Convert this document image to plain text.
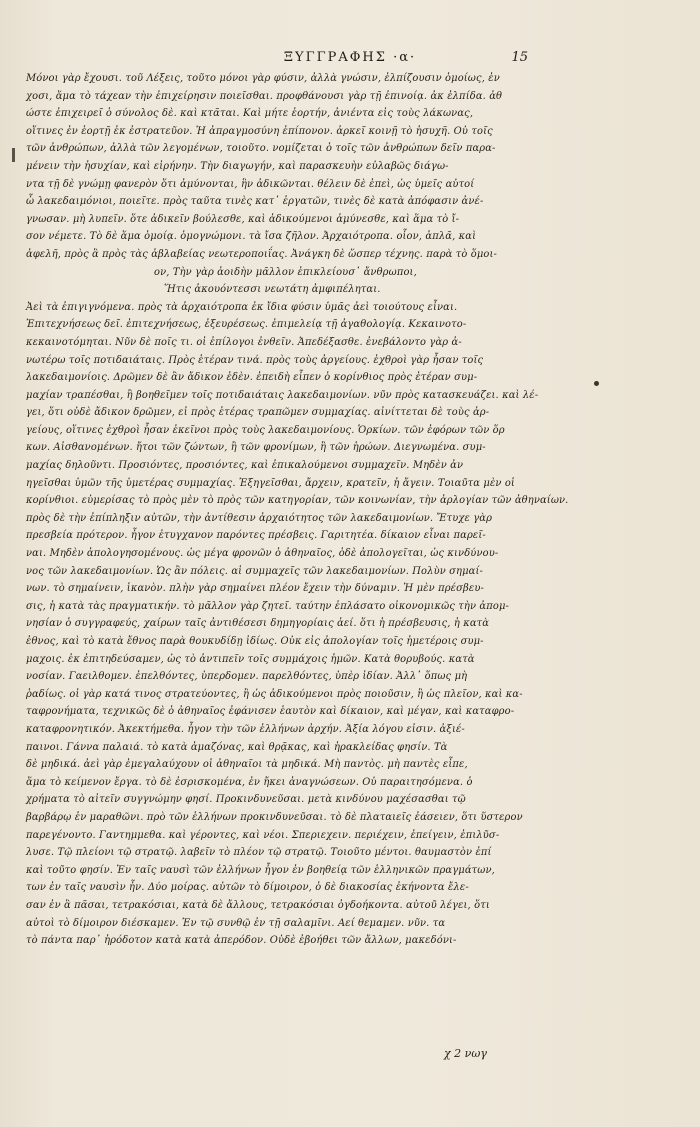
ΞΥΓΓΡΑΦΗΣ ·α·	15
Μόνοι γὰρ ἔχουσι. τοῦ Λέξεις, τοῦτο μόνοι γὰρ φύσιν, ἀλλὰ γνώσιν, ἐλπίζουσιν ὁμοίως, ἐν
χοσι, ἅμα τὸ τάχεαν τὴν ἐπιχείρησιν ποιεῖσθαι. προφθάνουσι γὰρ τῇ ἐπινοίᾳ. ἀκ ἐλπίδα. ἀθ
ώστε ἐπιχειρεῖ ὁ σύνολος δὲ. καὶ κτᾶται. Καὶ μήτε ἑορτήν, ἀνιέντα εἰς τοὺς λάκωνας,
οἵτινες ἐν ἑορτῇ ἐκ ἐστρατεῦον. Ἡ ἀπραγμοσύνη ἐπίπονον. ἀρκεῖ κοινῇ τὸ ἡσυχῆ. Οὐ τοῖς
τῶν ἀνθρώπων, ἀλλὰ τῶν λεγομένων, τοιοῦτο. νομίζεται ὁ τοῖς τῶν ἀνθρώπων δεῖν παρα-
μένειν τὴν ἡσυχίαν, καὶ εἰρήνην. Τὴν διαγωγήν, καὶ παρασκευὴν εὐλαβῶς διάγω-
ντα τῇ δὲ γνώμῃ φανερὸν ὅτι ἀμύνονται, ἣν ἀδικῶνται. θέλειν δὲ ἐπεὶ, ὡς ὑμεῖς αὐτοί
ὦ λακεδαιμόνιοι, ποιεῖτε. πρὸς ταῦτα τινὲς κατ᾽ ἐργατῶν, τινὲς δὲ κατὰ ἀπόφασιν ἀνέ-
γνωσαν. μὴ λυπεῖν. ὅτε ἀδικεῖν βούλεσθε, καὶ ἀδικούμενοι ἀμύνεσθε, καὶ ἅμα τὸ ἴ-
σον νέμετε. Τὸ δὲ ἅμα ὁμοίᾳ. ὁμογνώμονι. τὰ ἴσα ζῆλον. Ἀρχαιότροπα. οἷον, ἁπλᾶ, καὶ
ἀφελῆ, πρὸς ἃ πρὸς τὰς ἀβλαβείας νεωτεροποιΐας. Ἀνάγκη δὲ ὥσπερ τέχνης. παρὰ τὸ ὅμοι-
ον, Τὴν γὰρ ἀοιδὴν μᾶλλον ἐπικλείουσ᾽ ἄνθρωποι,
Ἥτις ἀκουόντεσσι νεωτάτη ἀμφιπέληται.
Ἀεὶ τὰ ἐπιγιγνόμενα. πρὸς τὰ ἀρχαιότροπα ἐκ ἴδια φύσιν ὑμᾶς ἀεὶ τοιούτους εἶναι.
Ἐπιτεχνήσεως δεῖ. ἐπιτεχνήσεως, ἐξευρέσεως. ἐπιμελείᾳ τῇ ἀγαθολογίᾳ. Κεκαινοτο-
κεκαινοτόμηται. Νῦν δὲ ποῖς τι. οἱ ἐπίλογοι ἐνθεῖν. Ἀπεδέξασθε. ἐνεβάλοντο γὰρ ἀ-
νωτέρω τοῖς ποτιδαιάταις. Πρὸς ἑτέραν τινά. πρὸς τοὺς ἀργείους. ἐχθροὶ γὰρ ἦσαν τοῖς
λακεδαιμονίοις. Δρῶμεν δὲ ἂν ἄδικον ἐδὲν. ἐπειδὴ εἶπεν ὁ κορίνθιος πρὸς ἑτέραν συμ-
μαχίαν τραπέσθαι, ἢ βοηθεῖμεν τοῖς ποτιδαιάταις λακεδαιμονίων. νῦν πρὸς κατασκευάζει. καὶ λέ-
γει, ὅτι οὐδὲ ἄδικον δρῶμεν, εἰ πρὸς ἑτέρας τραπῶμεν συμμαχίας. αἰνίττεται δὲ τοὺς ἀρ-
γείους, οἵτινες ἐχθροὶ ἦσαν ἐκεῖνοι πρὸς τοὺς λακεδαιμονίους. Ὁρκίων. τῶν ἐφόρων τῶν ὅρ
κων. Αἰσθανομένων. ἤτοι τῶν ζώντων, ἢ τῶν φρονίμων, ἢ τῶν ἡρώων. Διεγνωμένα. συμ-
μαχίας δηλοῦντι. Προσιόντες, προσιόντες, καὶ ἐπικαλούμενοι συμμαχεῖν. Μηδὲν ἀν
ηγεῖσθαι ὑμῶν τῆς ὑμετέρας συμμαχίας. Ἐξηγεῖσθαι, ἄρχειν, κρατεῖν, ἡ ἄγειν. Τοιαῦτα μὲν οἱ
κορίνθιοι. εὐμερίσας τὸ πρὸς μὲν τὸ πρὸς τῶν κατηγορίαν, τῶν κοινωνίαν, τὴν ἀρλογίαν τῶν ἀθηναίων.
πρὸς δὲ τὴν ἐπίπληξιν αὐτῶν, τὴν ἀντίθεσιν ἀρχαιότητος τῶν λακεδαιμονίων. Ἔτυχε γὰρ
πρεσβεία πρότερον. ἦγον ἐτυγχανον παρόντες πρέσβεις. Γαριτητέα. δίκαιον εἶναι παρεῖ-
ναι. Μηδὲν ἀπολογησομένους. ὡς μέγα φρονῶν ὁ ἀθηναῖος, ὁδὲ ἀπολογεῖται, ὡς κινδύνου-
νος τῶν λακεδαιμονίων. Ὡς ἂν πόλεις. αἱ συμμαχεῖς τῶν λακεδαιμονίων. Πολὺν σημαί-
νων. τὸ σημαίνειν, ἱκανὸν. πλὴν γὰρ σημαίνει πλέον ἔχειν τὴν δύναμιν. Ἡ μὲν πρέσβευ-
σις, ἡ κατὰ τὰς πραγματικήν. τὸ μᾶλλον γὰρ ζητεῖ. ταύτην ἐπλάσατο οἰκονομικῶς τὴν ἀπομ-
νησίαν ὁ συγγραφεύς, χαίρων ταῖς ἀντιθέσεσι δημηγορίαις ἀεί. ὅτι ἡ πρέσβευσις, ἡ κατὰ
ἐθνος, καὶ τὸ κατὰ ἔθνος παρὰ θουκυδίδῃ ἰδίως. Οὐκ εἰς ἀπολογίαν τοῖς ἡμετέροις συμ-
μαχοις. ἐκ ἐπιτηδεύσαμεν, ὡς τὸ ἀντιπεῖν τοῖς συμμάχοις ἡμῶν. Κατὰ θορυβούς. κατὰ
νοσίαν. Γαειλθομεν. ἐπελθόντες, ὑπερδομεν. παρελθόντες, ὑπὲρ ἰδίαν. Ἀλλ᾽ ὅπως μὴ
ῥαδίως. οἱ γὰρ κατά τινος στρατεύοντες, ἢ ὡς ἀδικούμενοι πρὸς ποιοῦσιν, ἢ ὡς πλεῖον, καὶ κα-
ταφρονήματα, τεχνικῶς δὲ ὁ ἀθηναῖος ἐφάνισεν ἑαυτὸν καὶ δίκαιον, καὶ μέγαν, καὶ καταφρο-
καταφρονητικόν. Ἀκεκτήμεθα. ἦγον τὴν τῶν ἑλλήνων ἀρχήν. Ἀξία λόγου εἰσιν. ἀξιέ-
παινοι. Γάννα παλαιά. τὸ κατὰ ἀμαζόνας, καὶ θρᾷκας, καὶ ἡρακλείδας φησίν. Τὰ
δὲ μηδικά. ἀεὶ γὰρ ἐμεγαλαύχουν οἱ ἀθηναῖοι τὰ μηδικά. Μὴ παντὸς. μὴ παντὲς εἶπε,
ἅμα τὸ κείμενον ἔργα. τὸ δὲ ἐσρισκομένα, ἐν ἤκει ἀναγνώσεων. Οὐ παραιτησόμενα. ὁ
χρήματα τὸ αἰτεῖν συγγνώμην φησί. Προκινδυνεῦσαι. μετὰ κινδύνου μαχέσασθαι τῷ
βαρβάρῳ ἐν μαραθῶνι. πρὸ τῶν ἑλλήνων προκινδυνεῦσαι. τὸ δὲ πλαταιεῖς ἐάσειεν, ὅτι ὕστερον
παρεγένοντο. Γαντημμεθα. καὶ γέροντες, καὶ νέοι. Σπεριεχειν. περιέχειν, ἐπείγειν, ἐπιλῦσ-
λυσε. Τῷ πλείονι τῷ στρατῷ. λαβεῖν τὸ πλέον τῷ στρατῷ. Τοιοῦτο μέντοι. θαυμαστὸν ἐπί
καὶ τοῦτο φησίν. Ἐν ταῖς ναυσὶ τῶν ἑλλήνων ἦγον ἐν βοηθείᾳ τῶν ἑλληνικῶν πραγμάτων,
των ἐν ταῖς ναυσὶν ἦν. Δύο μοίρας. αὐτῶν τὸ δίμοιρον, ὁ δὲ διακοσίας ἐκήνοντα ἔλε-
σαν ἐν ἃ πᾶσαι, τετρακόσιαι, κατὰ δὲ ἄλλους, τετρακόσιαι ὀγδοήκοντα. αὐτοῦ λέγει, ὅτι
αὐτοὶ τὸ δίμοιρον διέσκαμεν. Ἐν τῷ συνθῷ ἐν τῇ σαλαμῖνι. Αεί θεμαμεν. νῦν. τα
τὸ πάντα παρ᾽ ἡρόδοτον κατὰ κατὰ ἀπερόδον. Οὐδὲ ἐβοήθει τῶν ἄλλων, μακεδόνι-
χ 2 νωγ
